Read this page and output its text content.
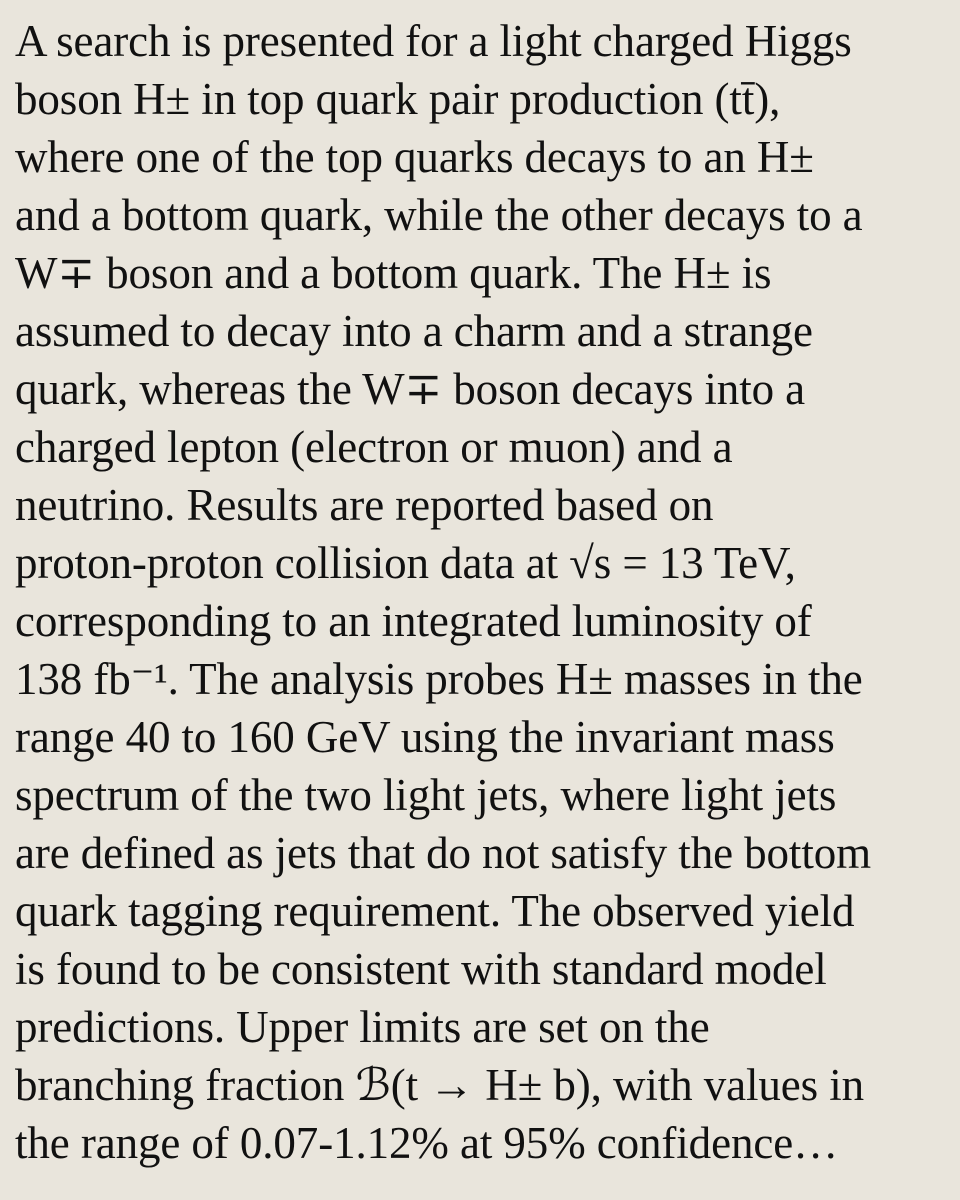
A search is presented for a light charged Higgs
boson H± in top quark pair production (tt̄),
where one of the top quarks decays to an H±
and a bottom quark, while the other decays to a
W∓ boson and a bottom quark. The H± is
assumed to decay into a charm and a strange
quark, whereas the W∓ boson decays into a
charged lepton (electron or muon) and a
neutrino. Results are reported based on
proton-proton collision data at √s = 13 TeV,
corresponding to an integrated luminosity of
138 fb⁻¹. The analysis probes H± masses in the
range 40 to 160 GeV using the invariant mass
spectrum of the two light jets, where light jets
are defined as jets that do not satisfy the bottom
quark tagging requirement. The observed yield
is found to be consistent with standard model
predictions. Upper limits are set on the
branching fraction ℬ(t → H± b), with values in
the range of 0.07-1.12% at 95% confidence…
